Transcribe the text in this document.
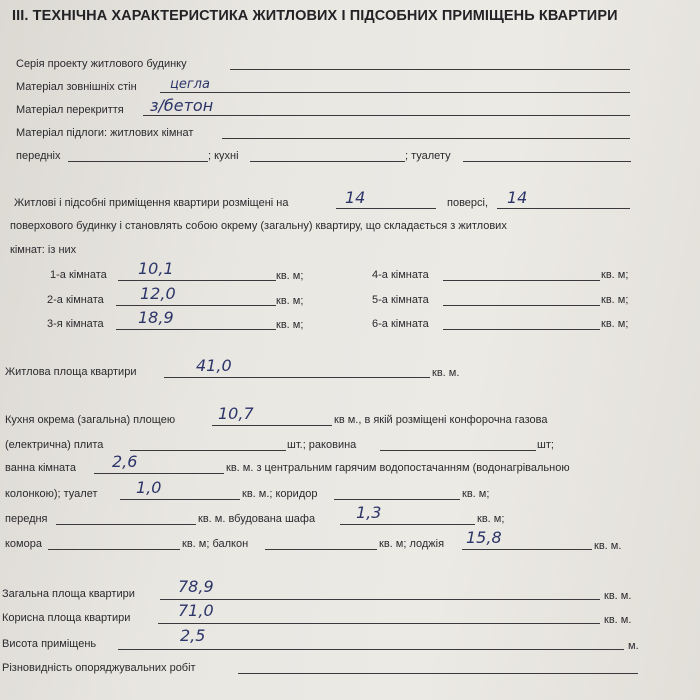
III. ТЕХНІЧНА ХАРАКТЕРИСТИКА ЖИТЛОВИХ І ПІДСОБНИХ ПРИМІЩЕНЬ КВАРТИРИ
Серія проекту житлового будинку
Матеріал зовнішніх стін	цегла
Матеріал перекриття з/бетон
Матеріал підлоги: житлових кімнат
передніх	; кухні	; туалету
Житлові і підсобні приміщення квартири розміщені на	14	поверсі, 14
поверхового будинку і становлять собою окрему (загальну) квартиру, що складається з житлових
кімнат: із них
1-а кімната 10,1	кв. м;
2-а кімната 12,0	кв. м;
3-я кімната 18,9	кв. м;
4-а кімната	кв. м;
5-а кімната	кв. м;
6-а кімната	кв. м;
Житлова площа квартири	41,0	кв. м.
Кухня окрема (загальна) площею	10,7	кв м., в якій розміщені конфорочна газова
(електрична) плита	шт.; раковина	шт;
ванна кімната 2,6	кв. м. з центральним гарячим водопостачанням (водонагрівальною
колонкою); туалет 1,0	кв. м.; коридор	кв. м;
передня	кв. м. вбудована шафа	1,3	кв. м;
комора	кв. м; балкон	кв. м; лоджія 15,8	кв. м.
Загальна площа квартири	78,9	кв. м.
Корисна площа квартири	71,0	кв. м.
Висота приміщень	2,5
м.
Різновидність опоряджувальних робіт
